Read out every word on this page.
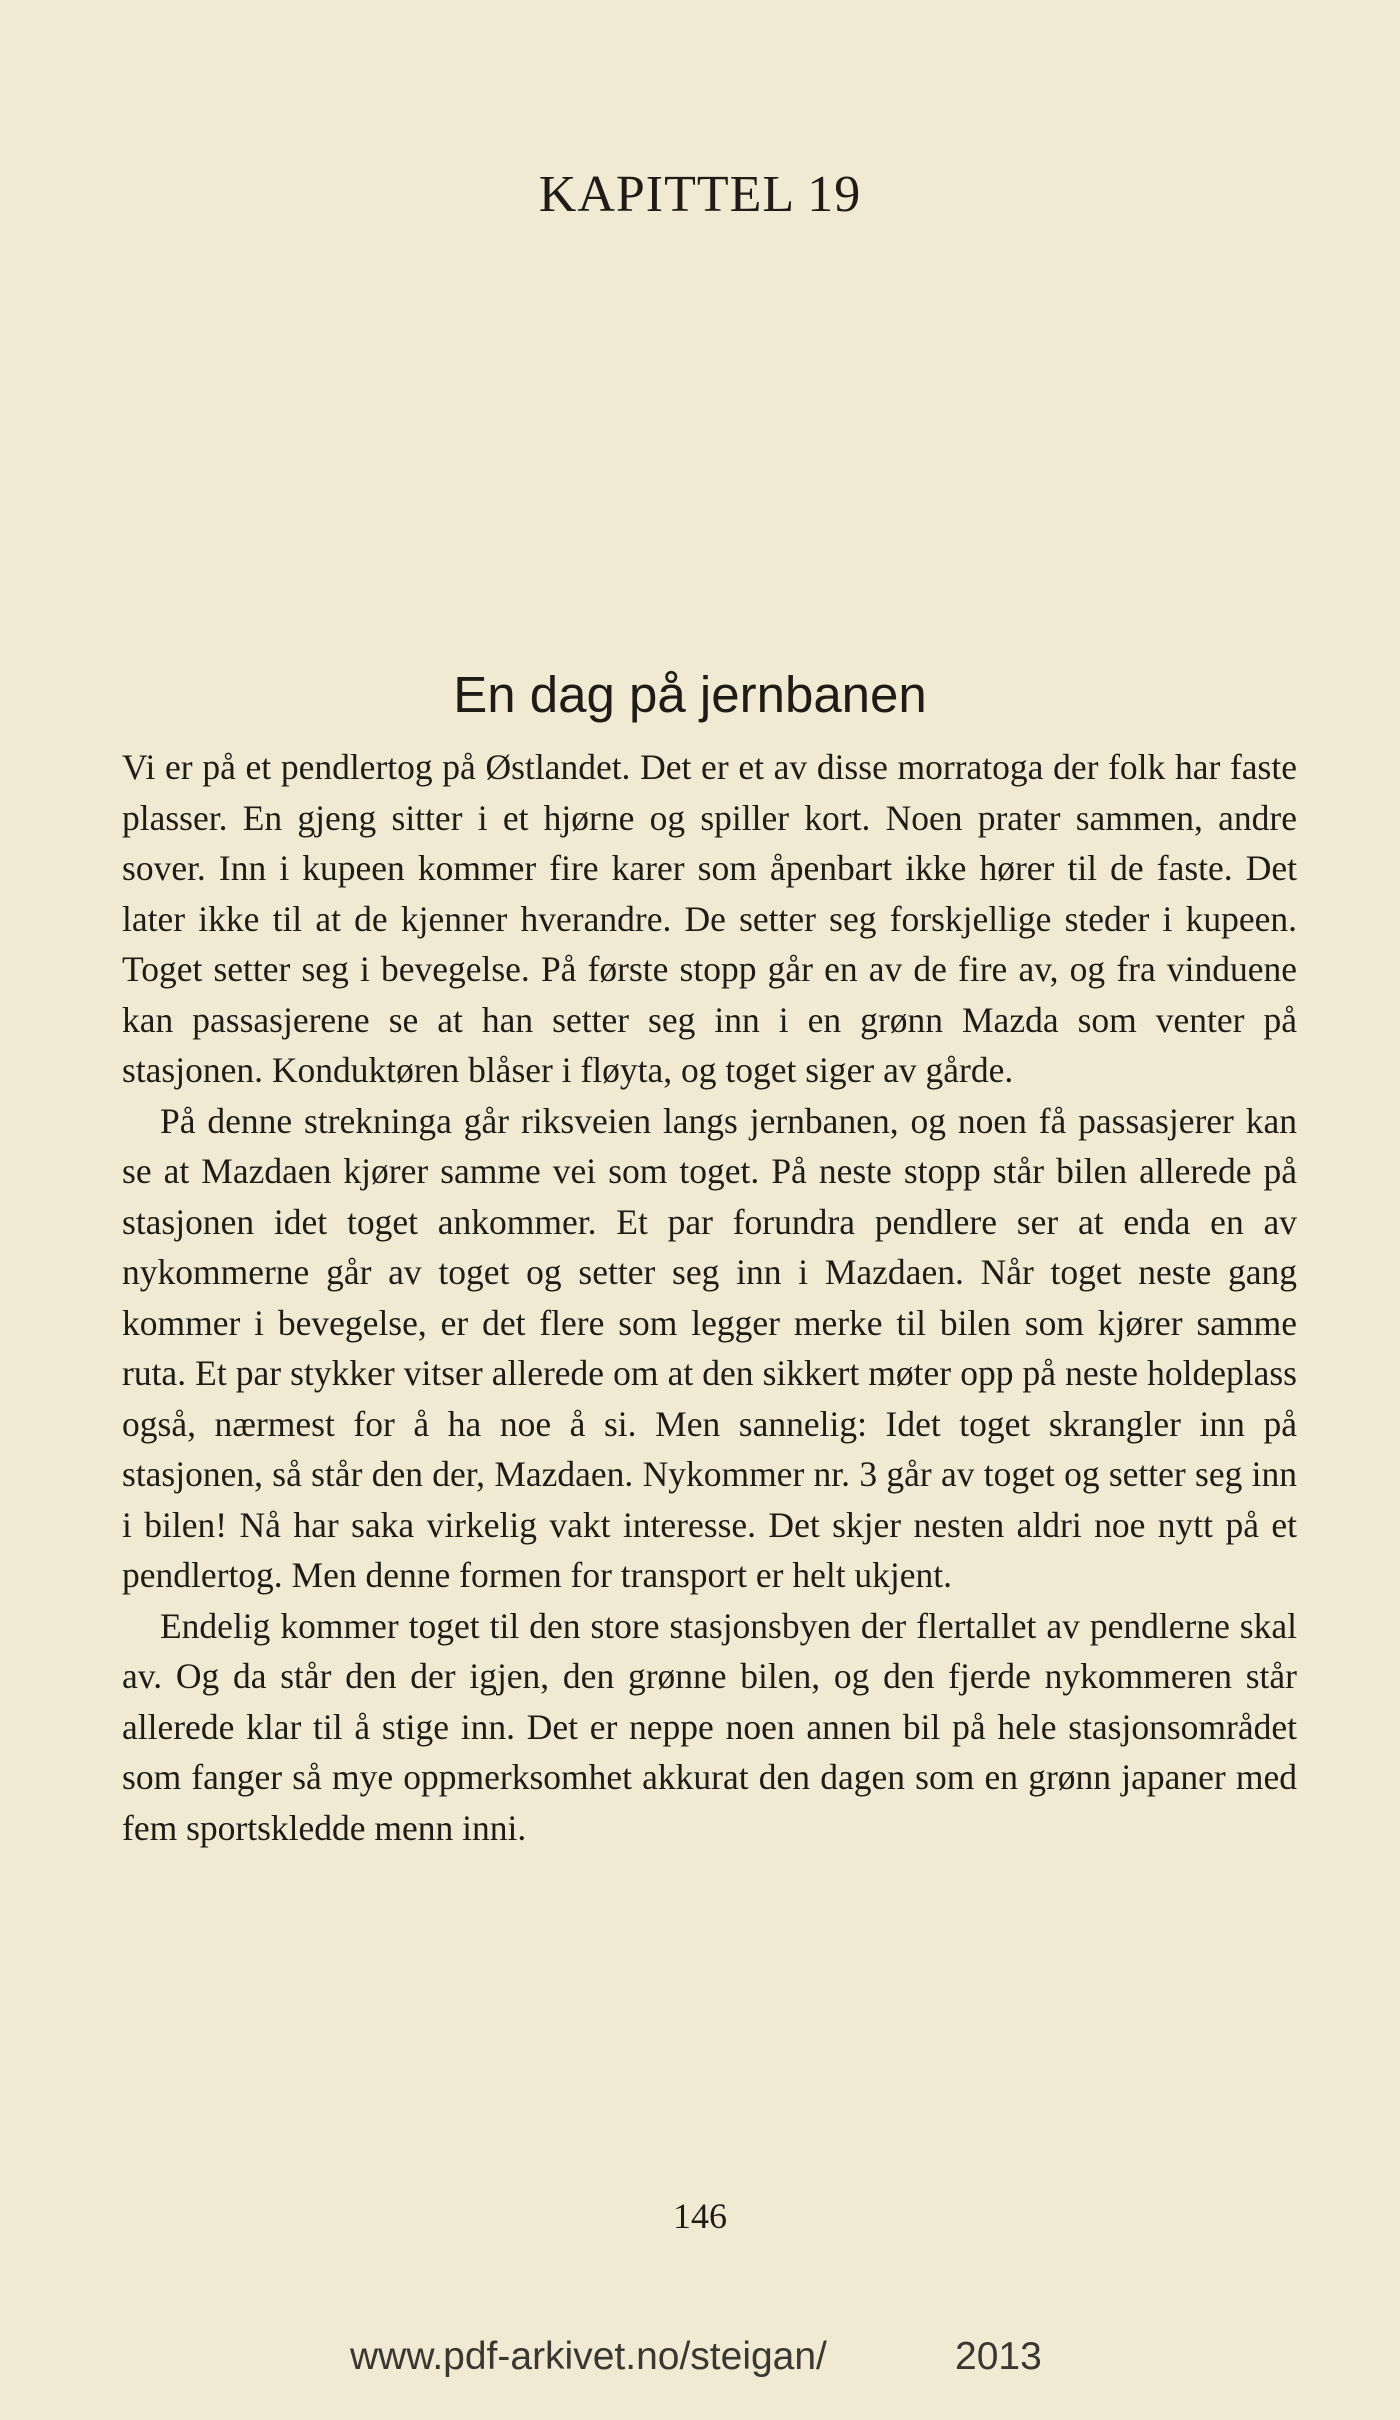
KAPITTEL 19
En dag på jernbanen

Vi er på et pendlertog på Østlandet. Det er et av disse morratoga der folk har faste plasser. En gjeng sitter i et hjørne og spiller kort. Noen prater sammen, andre sover. Inn i kupeen kommer fire karer som åpenbart ikke hører til de faste. Det later ikke til at de kjenner hverandre. De setter seg forskjellige steder i kupeen. Toget setter seg i bevegelse. På første stopp går en av de fire av, og fra vinduene kan passasjerene se at han setter seg inn i en grønn Mazda som venter på stasjonen. Konduktøren blåser i fløyta, og toget siger av gårde.

På denne strekninga går riksveien langs jernbanen, og noen få passasjerer kan se at Mazdaen kjører samme vei som toget. På neste stopp står bilen allerede på stasjonen idet toget ankommer. Et par forundra pendlere ser at enda en av nykommerne går av toget og setter seg inn i Mazdaen. Når toget neste gang kommer i bevegelse, er det flere som legger merke til bilen som kjører samme ruta. Et par stykker vitser allerede om at den sikkert møter opp på neste holdeplass også, nærmest for å ha noe å si. Men sannelig: Idet toget skrangler inn på stasjonen, så står den der, Mazdaen. Nykommer nr. 3 går av toget og setter seg inn i bilen! Nå har saka virkelig vakt interesse. Det skjer nesten aldri noe nytt på et pendlertog. Men denne formen for transport er helt ukjent.

Endelig kommer toget til den store stasjonsbyen der flertallet av pendlerne skal av. Og da står den der igjen, den grønne bilen, og den fjerde nykommeren står allerede klar til å stige inn. Det er neppe noen annen bil på hele stasjonsområdet som fanger så mye oppmerksomhet akkurat den dagen som en grønn japaner med fem sportskledde menn inni.

146
www.pdf-arkivet.no/steigan/	2013
